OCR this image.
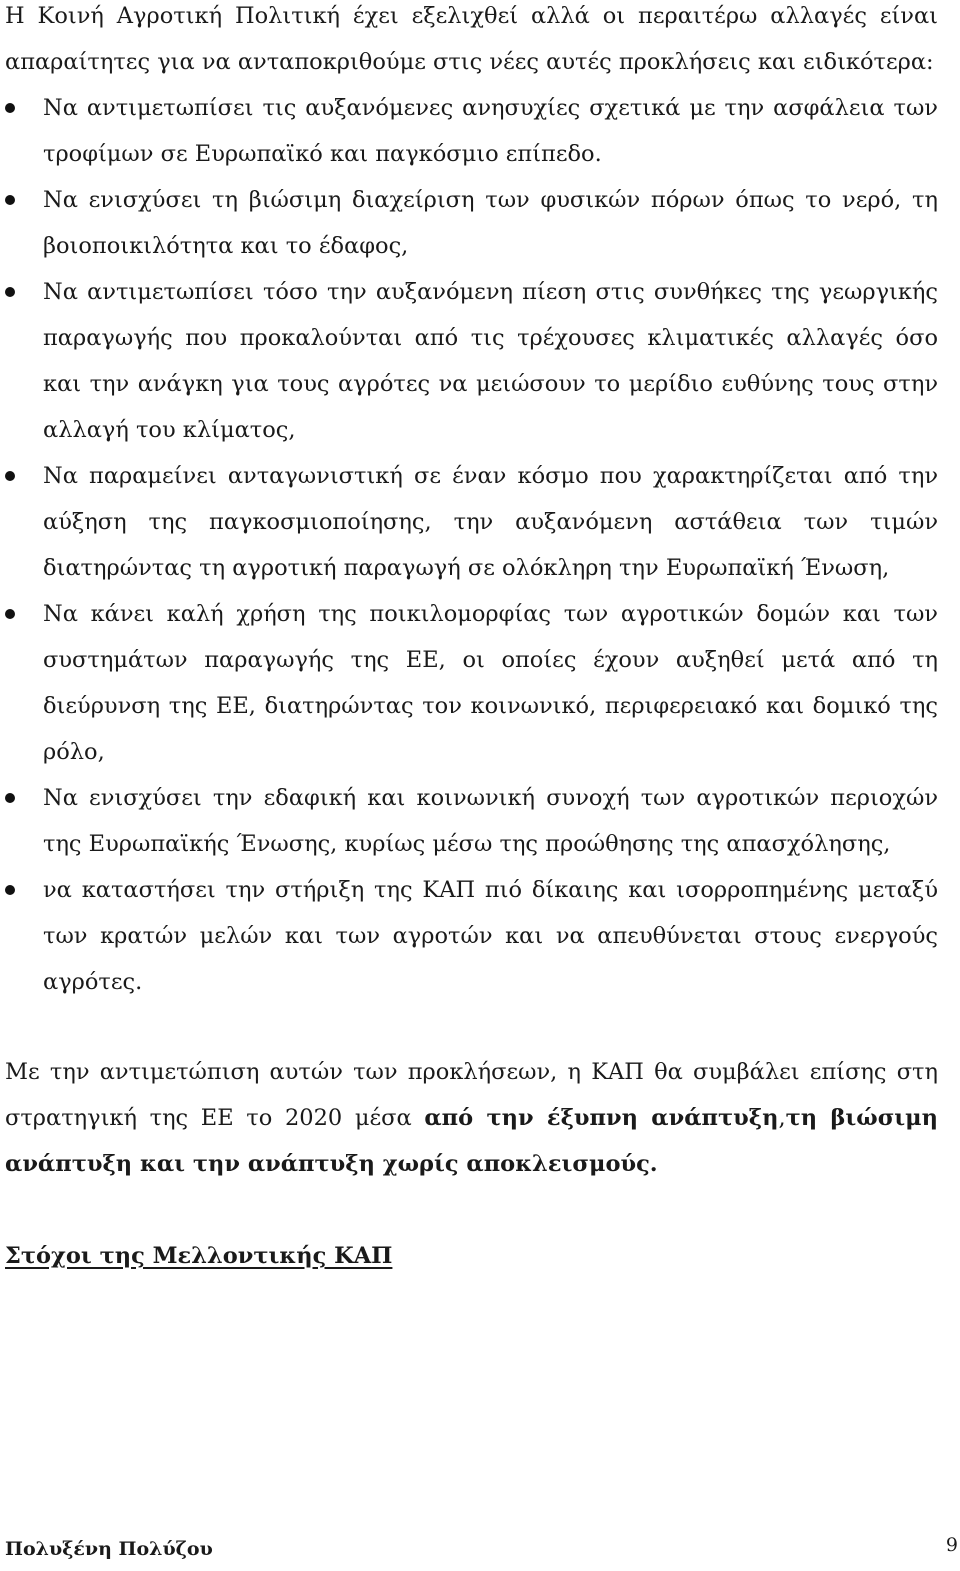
Η Κοινή Αγροτική Πολιτική έχει εξελιχθεί αλλά οι περαιτέρω αλλαγές είναι απαραίτητες για να ανταποκριθούμε στις νέες αυτές προκλήσεις και ειδικότερα:

Να αντιμετωπίσει τις αυξανόμενες ανησυχίες σχετικά με την ασφάλεια των τροφίμων σε Ευρωπαϊκό και παγκόσμιο επίπεδο.
Να ενισχύσει τη βιώσιμη διαχείριση των φυσικών πόρων όπως το νερό, τη βοιοποικιλότητα και το έδαφος,
Να αντιμετωπίσει τόσο την αυξανόμενη πίεση στις συνθήκες της γεωργικής παραγωγής που προκαλούνται από τις τρέχουσες κλιματικές αλλαγές όσο και την ανάγκη για τους αγρότες να μειώσουν το μερίδιο ευθύνης τους στην αλλαγή του κλίματος,
Να παραμείνει ανταγωνιστική σε έναν κόσμο που χαρακτηρίζεται από την αύξηση της παγκοσμιοποίησης, την αυξανόμενη αστάθεια των τιμών διατηρώντας τη αγροτική παραγωγή σε ολόκληρη την Ευρωπαϊκή Ένωση,
Να κάνει καλή χρήση της ποικιλομορφίας των αγροτικών δομών και των συστημάτων παραγωγής της ΕΕ, οι οποίες έχουν αυξηθεί μετά από τη διεύρυνση της ΕΕ, διατηρώντας τον κοινωνικό, περιφερειακό και δομικό της ρόλο,
Να ενισχύσει την εδαφική και κοινωνική συνοχή των αγροτικών περιοχών της Ευρωπαϊκής Ένωσης, κυρίως μέσω της προώθησης της απασχόλησης,
να καταστήσει την στήριξη της ΚΑΠ πιό δίκαιης και ισορροπημένης μεταξύ των κρατών μελών και των αγροτών και να απευθύνεται στους ενεργούς αγρότες.

Με την αντιμετώπιση αυτών των προκλήσεων, η ΚΑΠ θα συμβάλει επίσης στη στρατηγική της ΕΕ το 2020 μέσα από την έξυπνη ανάπτυξη,τη βιώσιμη ανάπτυξη και την ανάπτυξη χωρίς αποκλεισμούς.

Στόχοι της Μελλοντικής ΚΑΠ
Πολυξένη Πολύζου	9
